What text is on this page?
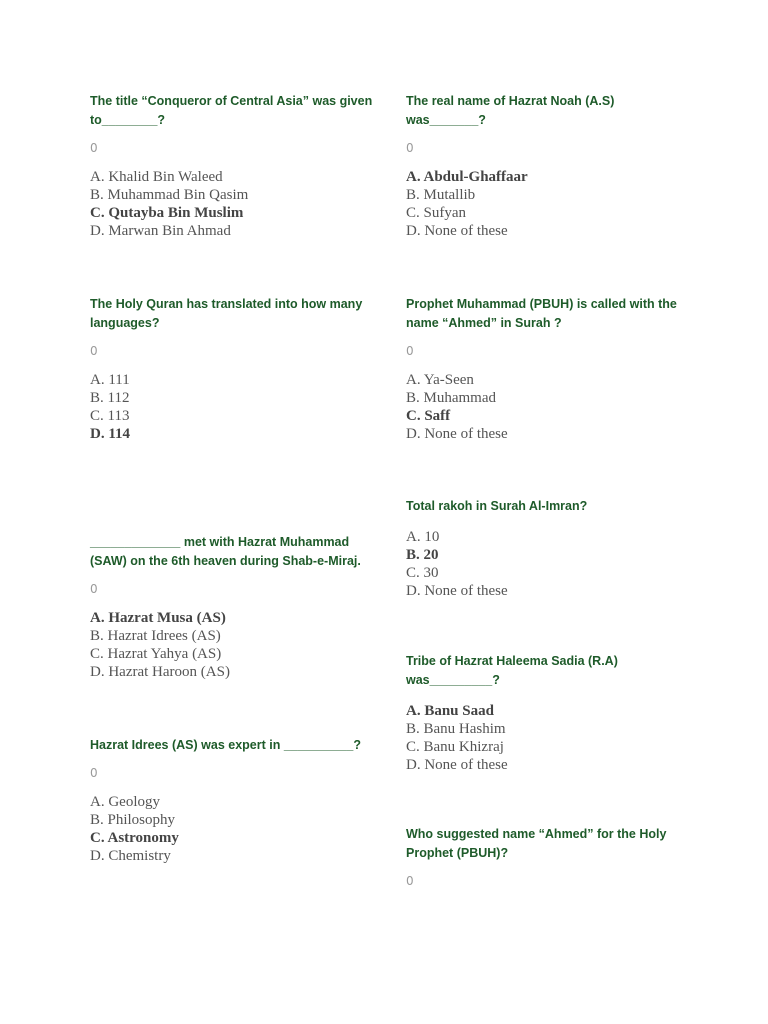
The title “Conqueror of Central Asia” was given to________?

0
A. Khalid Bin Waleed
B. Muhammad Bin Qasim
C. Qutayba Bin Muslim
D. Marwan Bin Ahmad

The Holy Quran has translated into how many languages?

0
A. 111
B. 112
C. 113
D. 114

_____________ met with Hazrat Muhammad (SAW) on the 6th heaven during Shab-e-Miraj.

0
A. Hazrat Musa (AS)
B. Hazrat Idrees (AS)
C. Hazrat Yahya (AS)
D. Hazrat Haroon (AS)

Hazrat Idrees (AS) was expert in __________?

0
A. Geology
B. Philosophy
C. Astronomy
D. Chemistry

The real name of Hazrat Noah (A.S) was_______?

0
A. Abdul-Ghaffaar
B. Mutallib
C. Sufyan
D. None of these

Prophet Muhammad (PBUH) is called with the name “Ahmed” in Surah ?

0
A. Ya-Seen
B. Muhammad
C. Saff
D. None of these

Total rakoh in Surah Al-Imran?

A. 10
B. 20
C. 30
D. None of these

Tribe of Hazrat Haleema Sadia (R.A) was_________?

A. Banu Saad
B. Banu Hashim
C. Banu Khizraj
D. None of these

Who suggested name “Ahmed” for the Holy Prophet (PBUH)?

0
